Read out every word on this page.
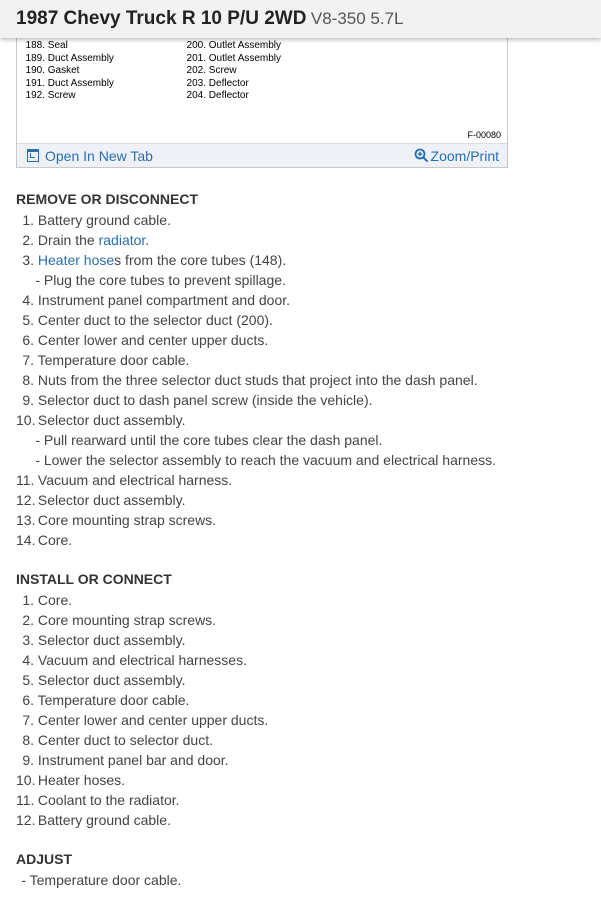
1987 Chevy Truck R 10 P/U 2WD V8-350 5.7L
188. Seal
189. Duct Assembly
190. Gasket
191. Duct Assembly
192. Screw
200. Outlet Assembly
201. Outlet Assembly
202. Screw
203. Deflector
204. Deflector
F-00080
Open In New Tab	Zoom/Print
REMOVE OR DISCONNECT
1. Battery ground cable.
2. Drain the radiator.
3. Heater hoses from the core tubes (148).
- Plug the core tubes to prevent spillage.
4. Instrument panel compartment and door.
5. Center duct to the selector duct (200).
6. Center lower and center upper ducts.
7. Temperature door cable.
8. Nuts from the three selector duct studs that project into the dash panel.
9. Selector duct to dash panel screw (inside the vehicle).
10. Selector duct assembly.
- Pull rearward until the core tubes clear the dash panel.
- Lower the selector assembly to reach the vacuum and electrical harness.
11. Vacuum and electrical harness.
12. Selector duct assembly.
13. Core mounting strap screws.
14. Core.
INSTALL OR CONNECT
1. Core.
2. Core mounting strap screws.
3. Selector duct assembly.
4. Vacuum and electrical harnesses.
5. Selector duct assembly.
6. Temperature door cable.
7. Center lower and center upper ducts.
8. Center duct to selector duct.
9. Instrument panel bar and door.
10. Heater hoses.
11. Coolant to the radiator.
12. Battery ground cable.
ADJUST
- Temperature door cable.
